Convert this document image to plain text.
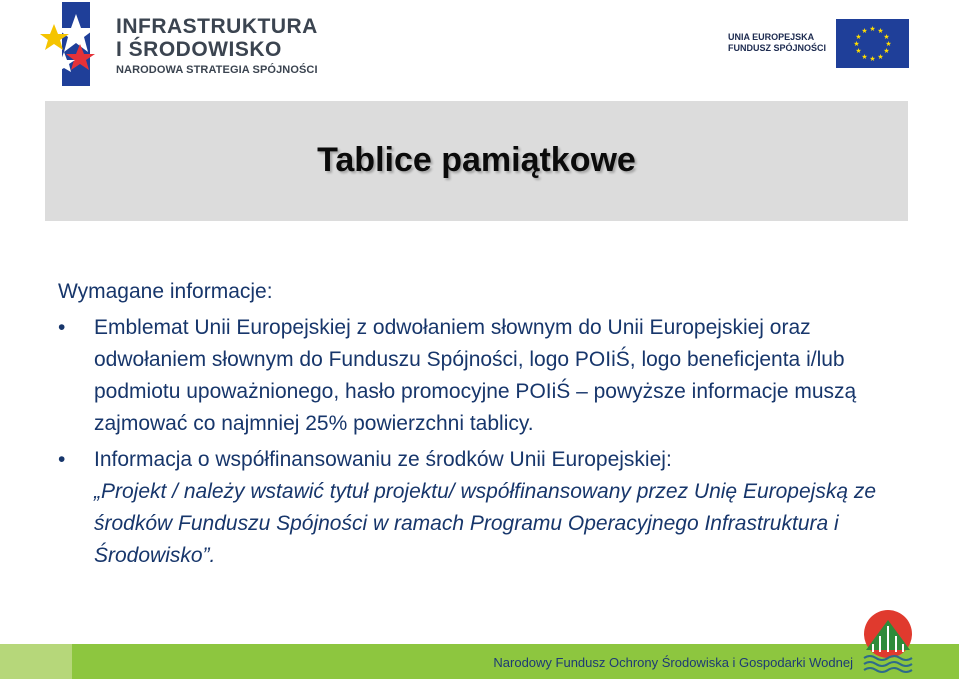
INFRASTRUKTURA
I ŚRODOWISKO
NARODOWA STRATEGIA SPÓJNOŚCI
UNIA EUROPEJSKA
FUNDUSZ SPÓJNOŚCI
★ ★
★
★
★
★
★
★
★
★
★
★
Tablice pamiątkowe
Wymagane informacje:
• Emblemat Unii Europejskiej z odwołaniem słownym do Unii Europejskiej oraz odwołaniem słownym do Funduszu Spójności, logo POIiŚ, logo beneficjenta i/lub podmiotu upoważnionego, hasło promocyjne POIiŚ – powyższe informacje muszą zajmować co najmniej 25% powierzchni tablicy.
• Informacja o współfinansowaniu ze środków Unii Europejskiej:
„Projekt / należy wstawić tytuł projektu/ współfinansowany przez Unię Europejską ze środków Funduszu Spójności w ramach Programu Operacyjnego Infrastruktura i Środowisko”.
Narodowy Fundusz Ochrony Środowiska i Gospodarki Wodnej
